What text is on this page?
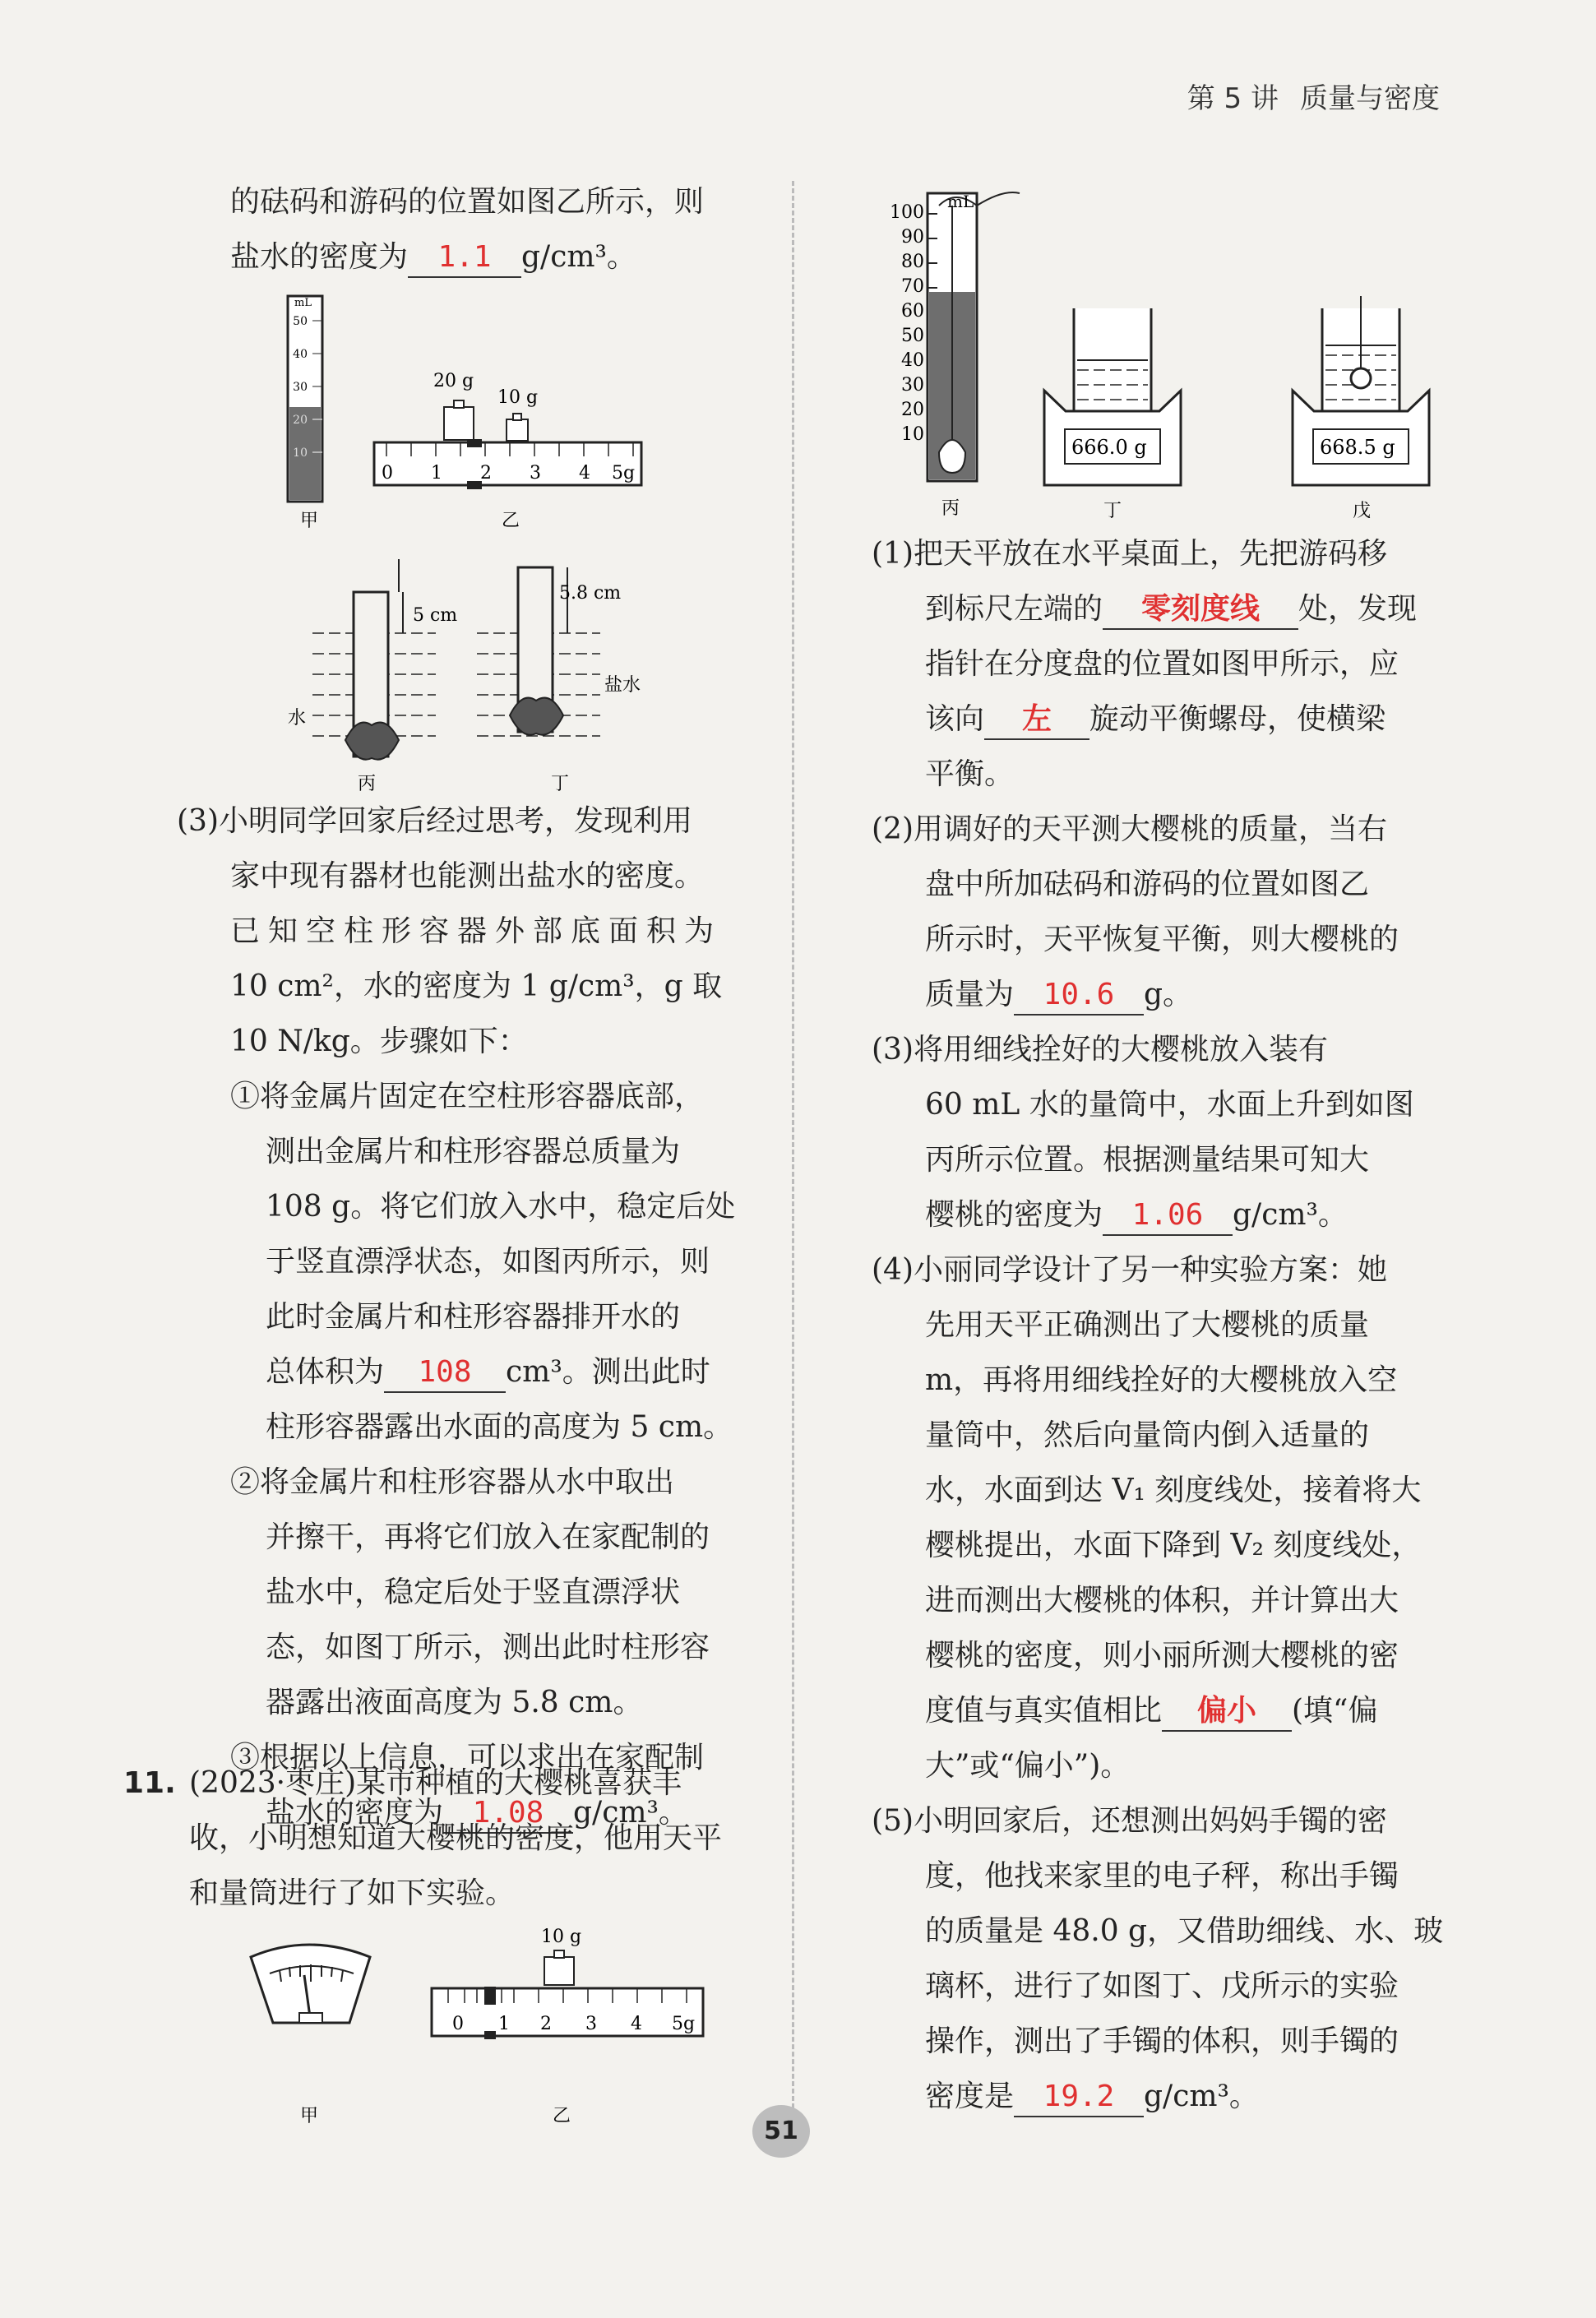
第 5 讲 质量与密度

的砝码和游码的位置如图乙所示，则

盐水的密度为 1.1 g/cm³。

mL
50
40
30
20
10
甲
20 g
10 g
0 1 2 3 4 5g
乙
5 cm
水
丙
5.8 cm
盐水
丁

(3)小明同学回家后经过思考，发现利用

家中现有器材也能测出盐水的密度。

已知空柱形容器外部底面积为

10 cm²，水的密度为 1 g/cm³，g 取

10 N/kg。步骤如下：

①将金属片固定在空柱形容器底部，

测出金属片和柱形容器总质量为

108 g。将它们放入水中，稳定后处

于竖直漂浮状态，如图丙所示，则

此时金属片和柱形容器排开水的

总体积为 108 cm³。测出此时

柱形容器露出水面的高度为 5 cm。

②将金属片和柱形容器从水中取出

并擦干，再将它们放入在家配制的

盐水中，稳定后处于竖直漂浮状

态，如图丁所示，测出此时柱形容

器露出液面高度为 5.8 cm。

③根据以上信息，可以求出在家配制

盐水的密度为 1.08 g/cm³。

11. (2023·枣庄)某市种植的大樱桃喜获丰

收，小明想知道大樱桃的密度，他用天平

和量筒进行了如下实验。

甲
10 g
0 1 2 3 4 5g
乙
mL
100
90
80
70
60
50
40
30
20
10
丙
666.0 g
丁
668.5 g
戊

(1)把天平放在水平桌面上，先把游码移

到标尺左端的 零刻度线 处，发现

指针在分度盘的位置如图甲所示，应

该向 左 旋动平衡螺母，使横梁

平衡。

(2)用调好的天平测大樱桃的质量，当右

盘中所加砝码和游码的位置如图乙

所示时，天平恢复平衡，则大樱桃的

质量为 10.6 g。

(3)将用细线拴好的大樱桃放入装有

60 mL 水的量筒中，水面上升到如图

丙所示位置。根据测量结果可知大

樱桃的密度为 1.06 g/cm³。

(4)小丽同学设计了另一种实验方案：她

先用天平正确测出了大樱桃的质量

m，再将用细线拴好的大樱桃放入空

量筒中，然后向量筒内倒入适量的

水，水面到达 V₁ 刻度线处，接着将大

樱桃提出，水面下降到 V₂ 刻度线处，

进而测出大樱桃的体积，并计算出大

樱桃的密度，则小丽所测大樱桃的密

度值与真实值相比 偏小 (填“偏

大”或“偏小”)。

(5)小明回家后，还想测出妈妈手镯的密

度，他找来家里的电子秤，称出手镯

的质量是 48.0 g，又借助细线、水、玻

璃杯，进行了如图丁、戊所示的实验

操作，测出了手镯的体积，则手镯的

密度是 19.2 g/cm³。

51
